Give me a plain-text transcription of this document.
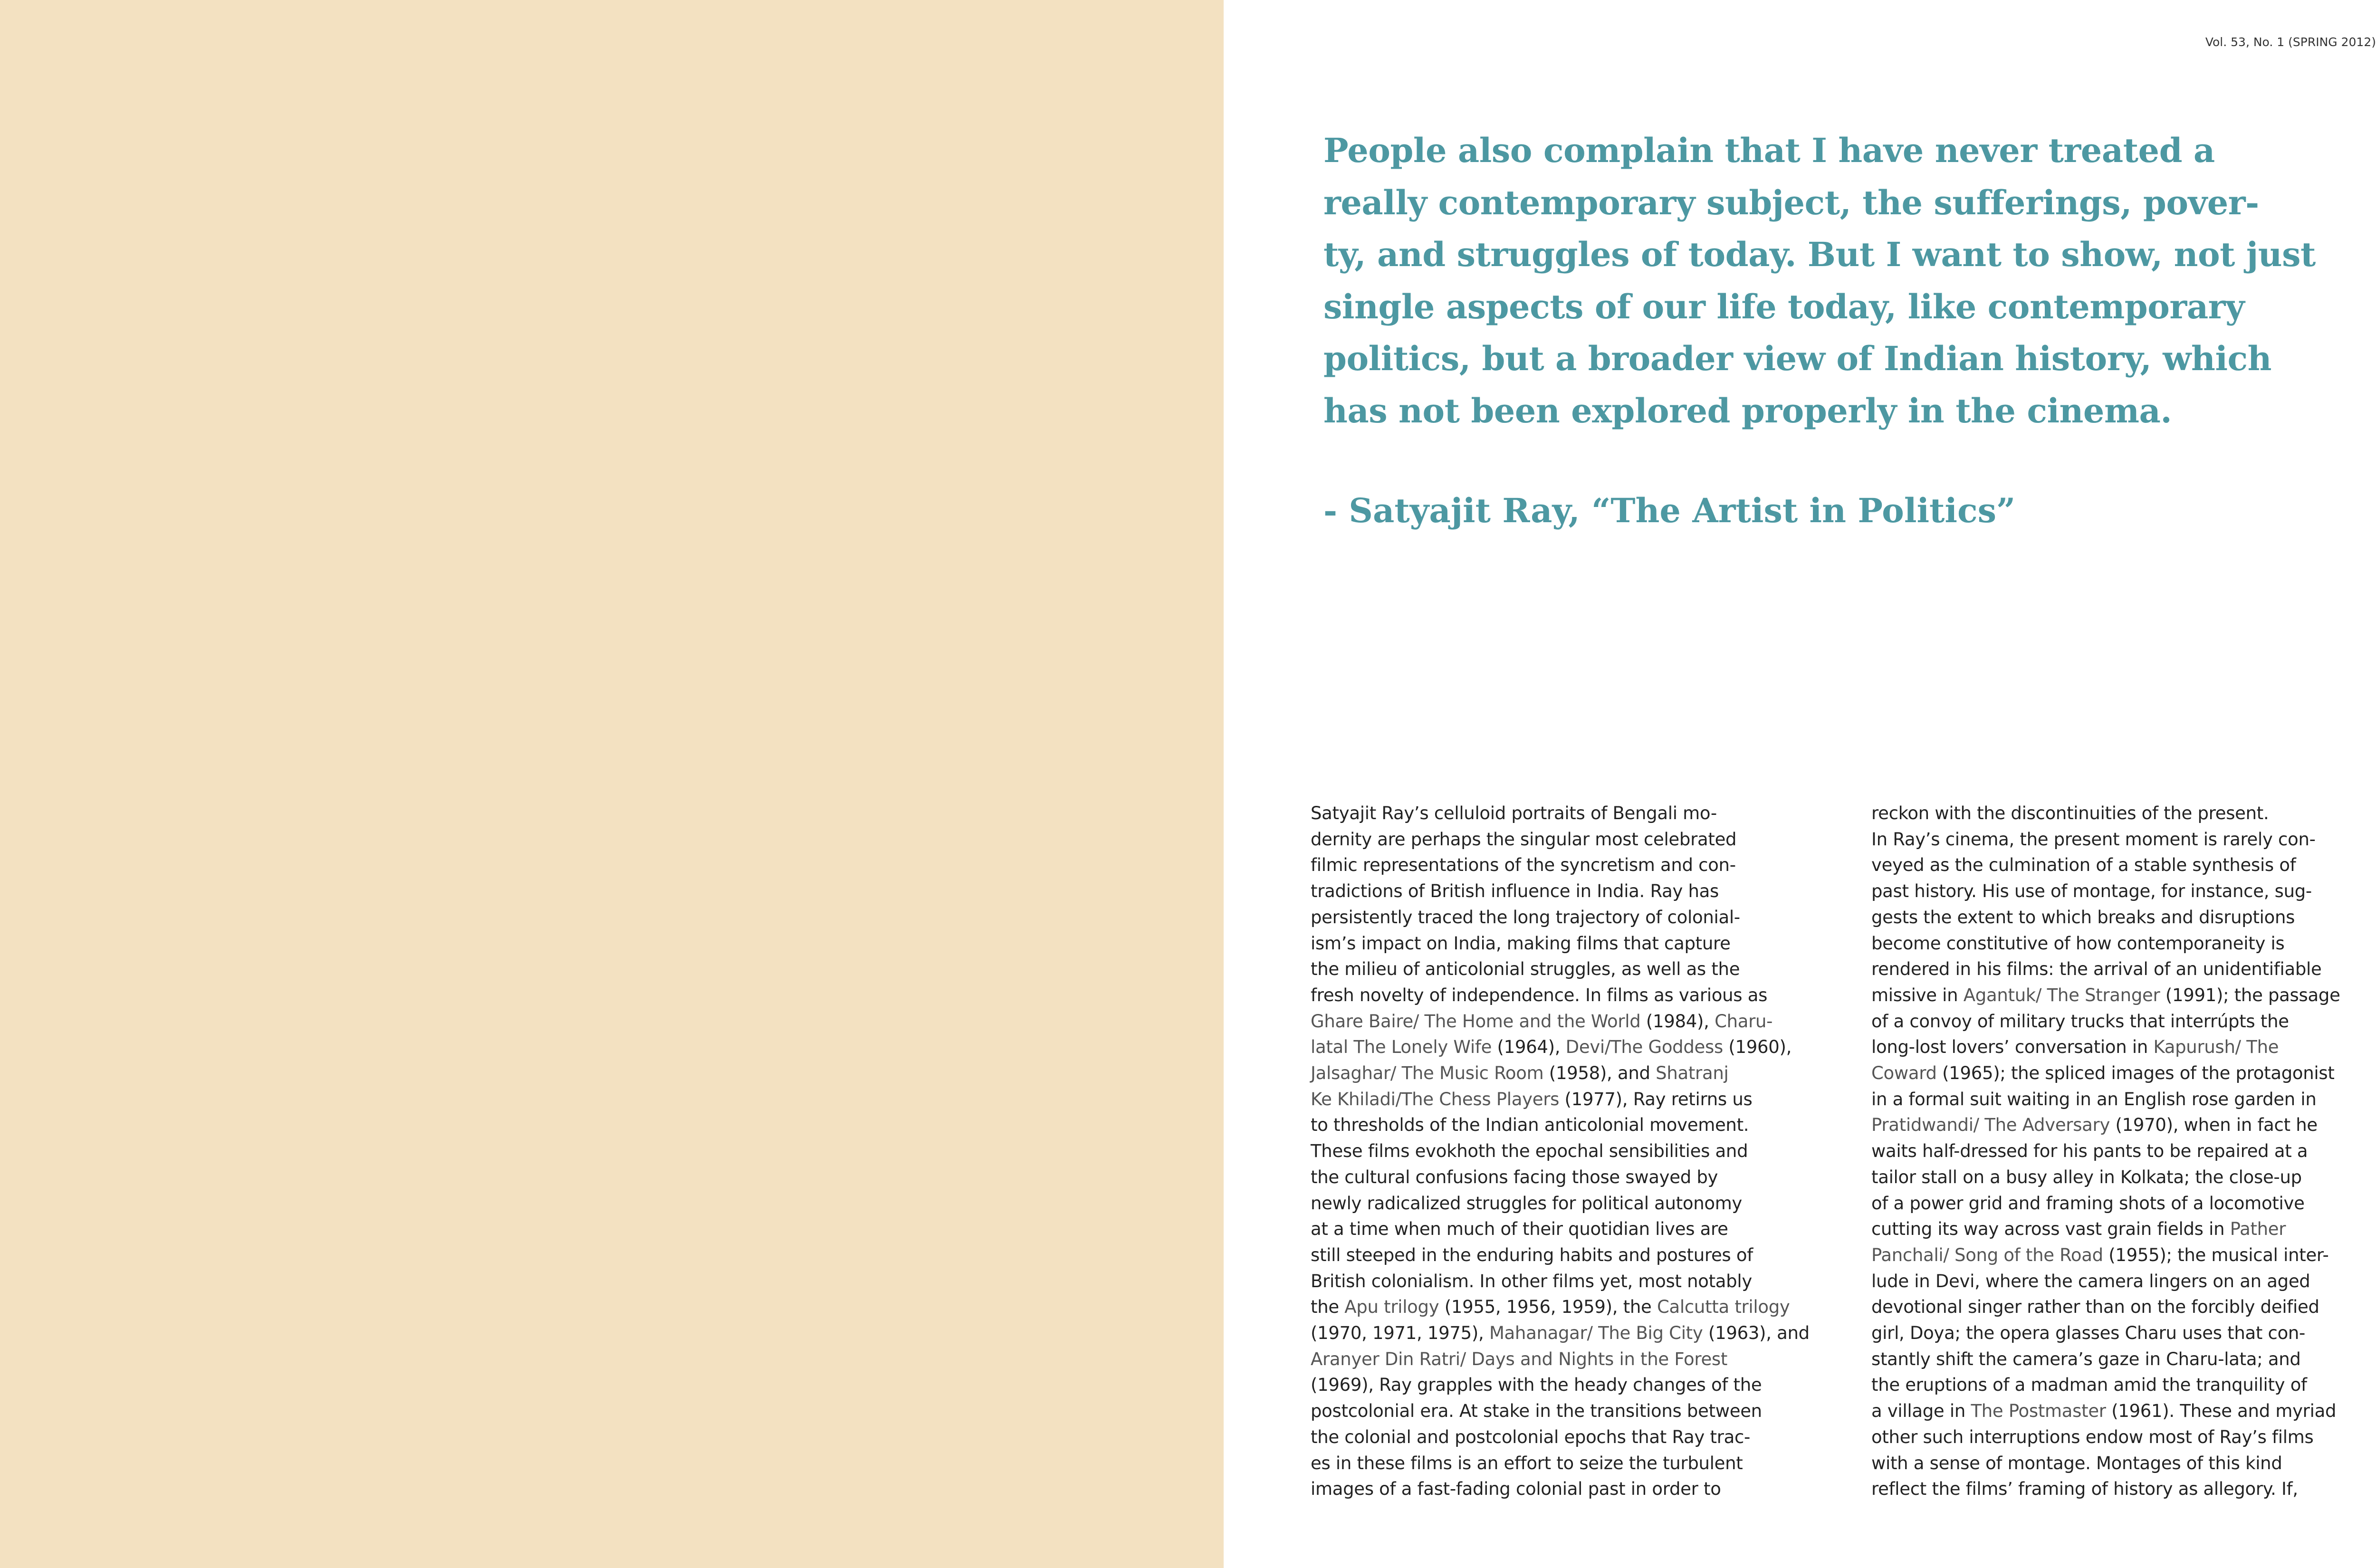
Vol. 53, No. 1 (SPRING 2012)
People also complain that I have never treated a
really contemporary subject, the sufferings, pover-
ty, and struggles of today. But I want to show, not just
single aspects of our life today, like contemporary
politics, but a broader view of Indian history, which
has not been explored properly in the cinema.
- Satyajit Ray, “The Artist in Politics”
Satyajit Ray’s celluloid portraits of Bengali mo-
dernity are perhaps the singular most celebrated
filmic representations of the syncretism and con-
tradictions of British influence in India. Ray has
persistently traced the long trajectory of colonial-
ism’s impact on India, making films that capture
the milieu of anticolonial struggles, as well as the
fresh novelty of independence. In films as various as
Ghare Baire/ The Home and the World (1984), Charu-
latal The Lonely Wife (1964), Devi/The Goddess (1960),
Jalsaghar/ The Music Room (1958), and Shatranj
Ke Khiladi/The Chess Players (1977), Ray retirns us
to thresholds of the Indian anticolonial movement.
These films evokhoth the epochal sensibilities and
the cultural confusions facing those swayed by
newly radicalized struggles for political autonomy
at a time when much of their quotidian lives are
still steeped in the enduring habits and postures of
British colonialism. In other films yet, most notably
the Apu trilogy (1955, 1956, 1959), the Calcutta trilogy
(1970, 1971, 1975), Mahanagar/ The Big City (1963), and
Aranyer Din Ratri/ Days and Nights in the Forest
(1969), Ray grapples with the heady changes of the
postcolonial era. At stake in the transitions between
the colonial and postcolonial epochs that Ray trac-
es in these films is an effort to seize the turbulent
images of a fast-fading colonial past in order to
reckon with the discontinuities of the present.
In Ray’s cinema, the present moment is rarely con-
veyed as the culmination of a stable synthesis of
past history. His use of montage, for instance, sug-
gests the extent to which breaks and disruptions
become constitutive of how contemporaneity is
rendered in his films: the arrival of an unidentifiable
missive in Agantuk/ The Stranger (1991); the passage
of a convoy of military trucks that interrúpts the
long-lost lovers’ conversation in Kapurush/ The
Coward (1965); the spliced images of the protagonist
in a formal suit waiting in an English rose garden in
Pratidwandi/ The Adversary (1970), when in fact he
waits half-dressed for his pants to be repaired at a
tailor stall on a busy alley in Kolkata; the close-up
of a power grid and framing shots of a locomotive
cutting its way across vast grain fields in Pather
Panchali/ Song of the Road (1955); the musical inter-
lude in Devi, where the camera lingers on an aged
devotional singer rather than on the forcibly deified
girl, Doya; the opera glasses Charu uses that con-
stantly shift the camera’s gaze in Charu-lata; and
the eruptions of a madman amid the tranquility of
a village in The Postmaster (1961). These and myriad
other such interruptions endow most of Ray’s films
with a sense of montage. Montages of this kind
reflect the films’ framing of history as allegory. If,
